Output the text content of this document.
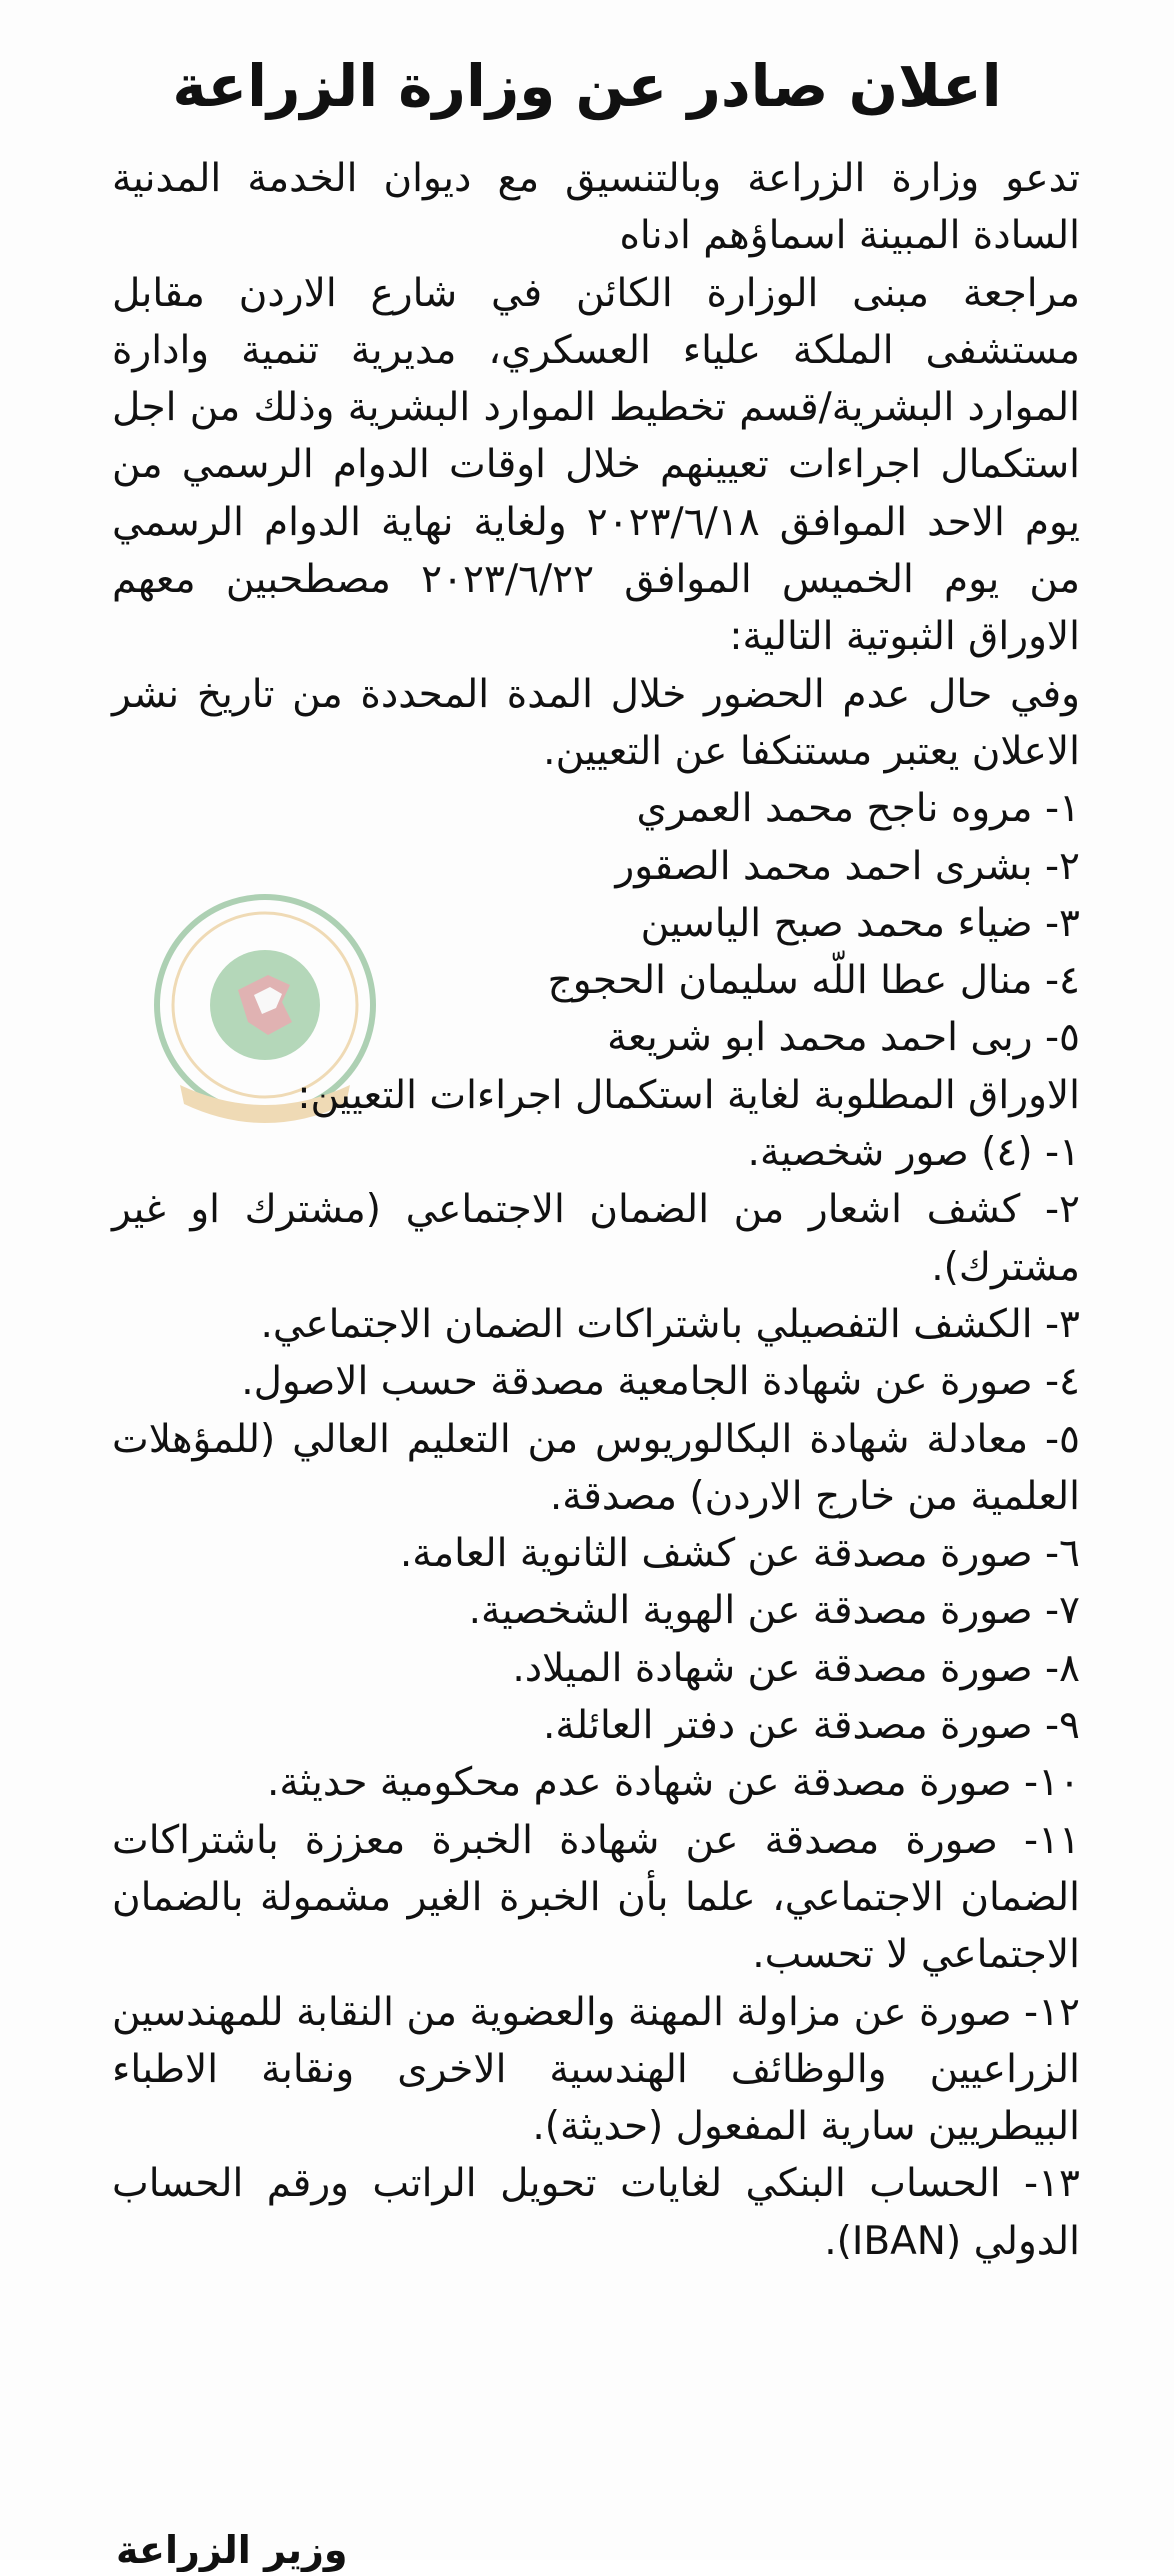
اعلان صادر عن وزارة الزراعة

تدعو وزارة الزراعة وبالتنسيق مع ديوان الخدمة المدنية السادة المبينة اسماؤهم ادناه

مراجعة مبنى الوزارة الكائن في شارع الاردن مقابل مستشفى الملكة علياء العسكري، مديرية تنمية وادارة الموارد البشرية/قسم تخطيط الموارد البشرية وذلك من اجل استكمال اجراءات تعيينهم خلال اوقات الدوام الرسمي من يوم الاحد الموافق ٢٠٢٣/٦/١٨ ولغاية نهاية الدوام الرسمي من يوم الخميس الموافق ٢٠٢٣/٦/٢٢ مصطحبين معهم الاوراق الثبوتية التالية:

وفي حال عدم الحضور خلال المدة المحددة من تاريخ نشر الاعلان يعتبر مستنكفا عن التعيين.

١- مروه ناجح محمد العمري

٢- بشرى احمد محمد الصقور

٣- ضياء محمد صبح الياسين

٤- منال عطا اللّه سليمان الحجوج

٥- ربى احمد محمد ابو شريعة

الاوراق المطلوبة لغاية استكمال اجراءات التعيين:

١- (٤) صور شخصية.

٢- كشف اشعار من الضمان الاجتماعي (مشترك او غير مشترك).

٣- الكشف التفصيلي باشتراكات الضمان الاجتماعي.

٤- صورة عن شهادة الجامعية مصدقة حسب الاصول.

٥- معادلة شهادة البكالوريوس من التعليم العالي (للمؤهلات العلمية من خارج الاردن) مصدقة.

٦- صورة مصدقة عن كشف الثانوية العامة.

٧- صورة مصدقة عن الهوية الشخصية.

٨- صورة مصدقة عن شهادة الميلاد.

٩- صورة مصدقة عن دفتر العائلة.

١٠- صورة مصدقة عن شهادة عدم محكومية حديثة.

١١- صورة مصدقة عن شهادة الخبرة معززة باشتراكات الضمان الاجتماعي، علما بأن الخبرة الغير مشمولة بالضمان الاجتماعي لا تحسب.

١٢- صورة عن مزاولة المهنة والعضوية من النقابة للمهندسين الزراعيين والوظائف الهندسية الاخرى ونقابة الاطباء البيطريين سارية المفعول (حديثة).

١٣- الحساب البنكي لغايات تحويل الراتب ورقم الحساب الدولي (IBAN).

وزير الزراعة
